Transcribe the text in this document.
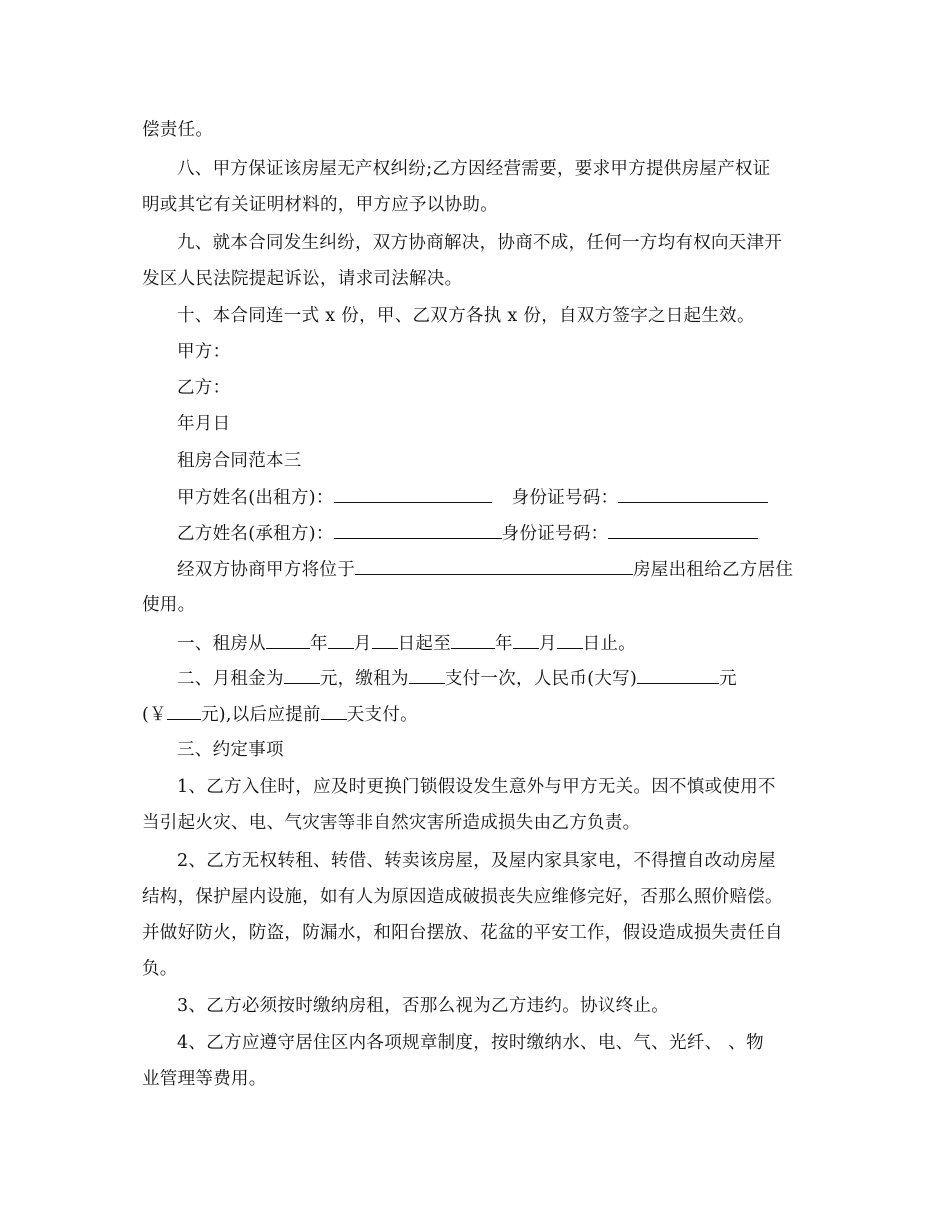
偿责任。
八、甲方保证该房屋无产权纠纷;乙方因经营需要，要求甲方提供房屋产权证
明或其它有关证明材料的，甲方应予以协助。
九、就本合同发生纠纷，双方协商解决，协商不成，任何一方均有权向天津开
发区人民法院提起诉讼，请求司法解决。
十、本合同连一式 x 份，甲、乙双方各执 x 份，自双方签字之日起生效。
甲方：
乙方：
年月日
租房合同范本三
甲方姓名(出租方)：	身份证号码：
乙方姓名(承租方)：	身份证号码：
经双方协商甲方将位于	房屋出租给乙方居住
使用。
一、租房从	年 月 日起至	年 月 日止。
二、月租金为 元，缴租为 支付一次，人民币(大写)	元
(￥ 元),以后应提前 天支付。
三、约定事项
1、乙方入住时，应及时更换门锁假设发生意外与甲方无关。因不慎或使用不
当引起火灾、电、气灾害等非自然灾害所造成损失由乙方负责。
2、乙方无权转租、转借、转卖该房屋，及屋内家具家电，不得擅自改动房屋
结构，保护屋内设施，如有人为原因造成破损丧失应维修完好，否那么照价赔偿。
并做好防火，防盗，防漏水，和阳台摆放、花盆的平安工作，假设造成损失责任自
负。
3、乙方必须按时缴纳房租，否那么视为乙方违约。协议终止。
4、乙方应遵守居住区内各项规章制度，按时缴纳水、电、气、光纤、 、物
业管理等费用。
